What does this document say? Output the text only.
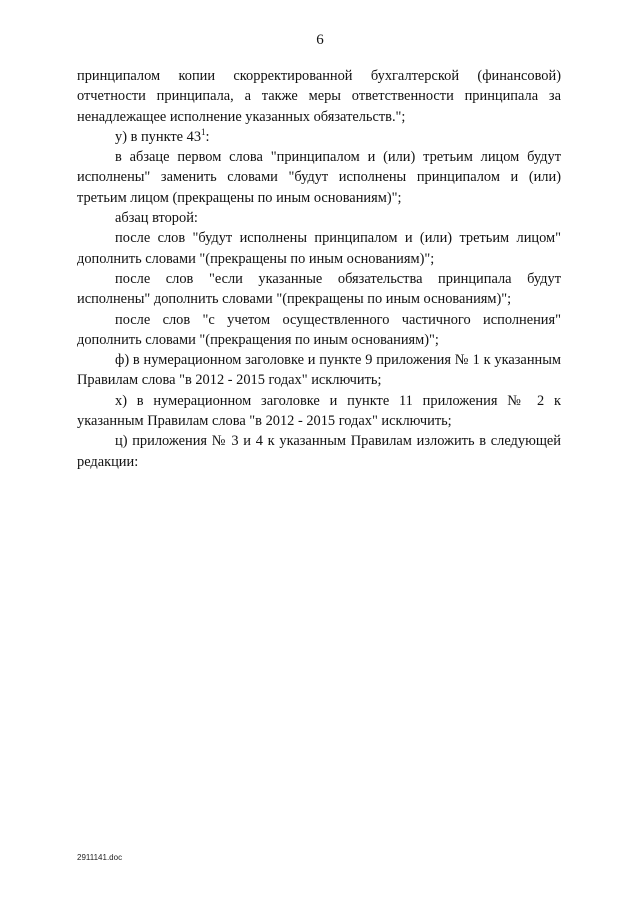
6

принципалом копии скорректированной бухгалтерской (финансовой) отчетности принципала, а также меры ответственности принципала за ненадлежащее исполнение указанных обязательств.";

у) в пункте $43^1$:

в абзаце первом слова "принципалом и (или) третьим лицом будут исполнены" заменить словами "будут исполнены принципалом и (или) третьим лицом (прекращены по иным основаниям)";

абзац второй:

после слов "будут исполнены принципалом и (или) третьим лицом" дополнить словами "(прекращены по иным основаниям)";

после слов "если указанные обязательства принципала будут исполнены" дополнить словами "(прекращены по иным основаниям)";

после слов "с учетом осуществленного частичного исполнения" дополнить словами "(прекращения по иным основаниям)";

ф) в нумерационном заголовке и пункте 9 приложения № 1 к указанным Правилам слова "в 2012 - 2015 годах" исключить;

х) в нумерационном заголовке и пункте 11 приложения № 2 к указанным Правилам слова "в 2012 - 2015 годах" исключить;

ц) приложения № 3 и 4 к указанным Правилам изложить в следующей редакции:

2911141.doc
